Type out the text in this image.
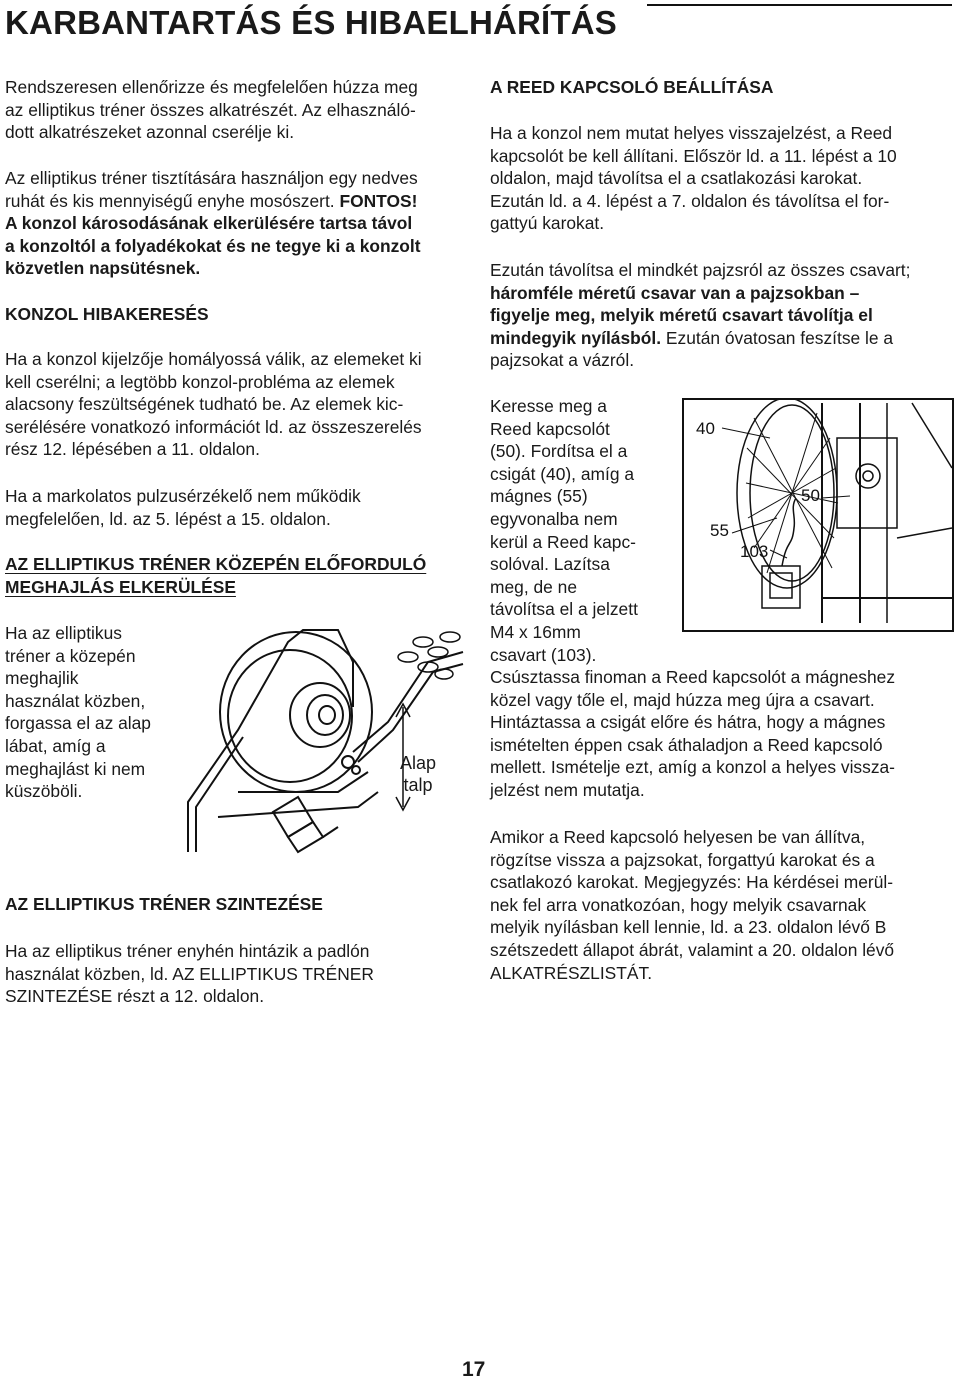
KARBANTARTÁS ÉS HIBAELHÁRÍTÁS

Rendszeresen ellenőrizze és megfelelően húzza meg
az elliptikus tréner összes alkatrészét. Az elhasználó-
dott alkatrészeket azonnal cserélje ki.

Az elliptikus tréner tisztítására használjon egy nedves
ruhát és kis mennyiségű enyhe mosószert. FONTOS!
A konzol károsodásának elkerülésére tartsa távol
a konzoltól a folyadékokat és ne tegye ki a konzolt
közvetlen napsütésnek.

KONZOL HIBAKERESÉS

Ha a konzol kijelzője homályossá válik, az elemeket ki
kell cserélni; a legtöbb konzol-probléma az elemek
alacsony feszültségének tudható be. Az elemek kic-
serélésére vonatkozó információt ld. az összeszerelés
rész 12. lépésében a 11. oldalon.

Ha a markolatos pulzusérzékelő nem működik
megfelelően, ld. az 5. lépést a 15. oldalon.

AZ ELLIPTIKUS TRÉNER KÖZEPÉN ELŐFORDULÓ
MEGHAJLÁS ELKERÜLÉSE

Ha az elliptikus
tréner a közepén
meghajlik
használat közben,
forgassa el az alap
lábat, amíg a
meghajlást ki nem
küszöböli.

Alap
talp
AZ ELLIPTIKUS TRÉNER SZINTEZÉSE

Ha az elliptikus tréner enyhén hintázik a padlón
használat közben, ld. AZ ELLIPTIKUS TRÉNER
SZINTEZÉSE részt a 12. oldalon.

A REED KAPCSOLÓ BEÁLLÍTÁSA

Ha a konzol nem mutat helyes visszajelzést, a Reed
kapcsolót be kell állítani. Először ld. a 11. lépést a 10
oldalon, majd távolítsa el a csatlakozási karokat.
Ezután ld. a 4. lépést a 7. oldalon és távolítsa el for-
gattyú karokat.

Ezután távolítsa el mindkét pajzsról az összes csavart;
háromféle méretű csavar van a pajzsokban –
figyelje meg, melyik méretű csavart távolítja el
mindegyik nyílásból. Ezután óvatosan feszítse le a
pajzsokat a vázról.

Keresse meg a
Reed kapcsolót
(50). Fordítsa el a
csigát (40), amíg a
mágnes (55)
egyvonalba nem
kerül a Reed kapc-
solóval. Lazítsa
meg, de ne
távolítsa el a jelzett
M4 x 16mm
csavart (103).

40
50
55
103

Csúsztassa finoman a Reed kapcsolót a mágneshez
közel vagy tőle el, majd húzza meg újra a csavart.
Hintáztassa a csigát előre és hátra, hogy a mágnes
ismételten éppen csak áthaladjon a Reed kapcsoló
mellett. Ismételje ezt, amíg a konzol a helyes vissza-
jelzést nem mutatja.

Amikor a Reed kapcsoló helyesen be van állítva,
rögzítse vissza a pajzsokat, forgattyú karokat és a
csatlakozó karokat. Megjegyzés: Ha kérdései merül-
nek fel arra vonatkozóan, hogy melyik csavarnak
melyik nyílásban kell lennie, ld. a 23. oldalon lévő B
szétszedett állapot ábrát, valamint a 20. oldalon lévő
ALKATRÉSZLISTÁT.

17
